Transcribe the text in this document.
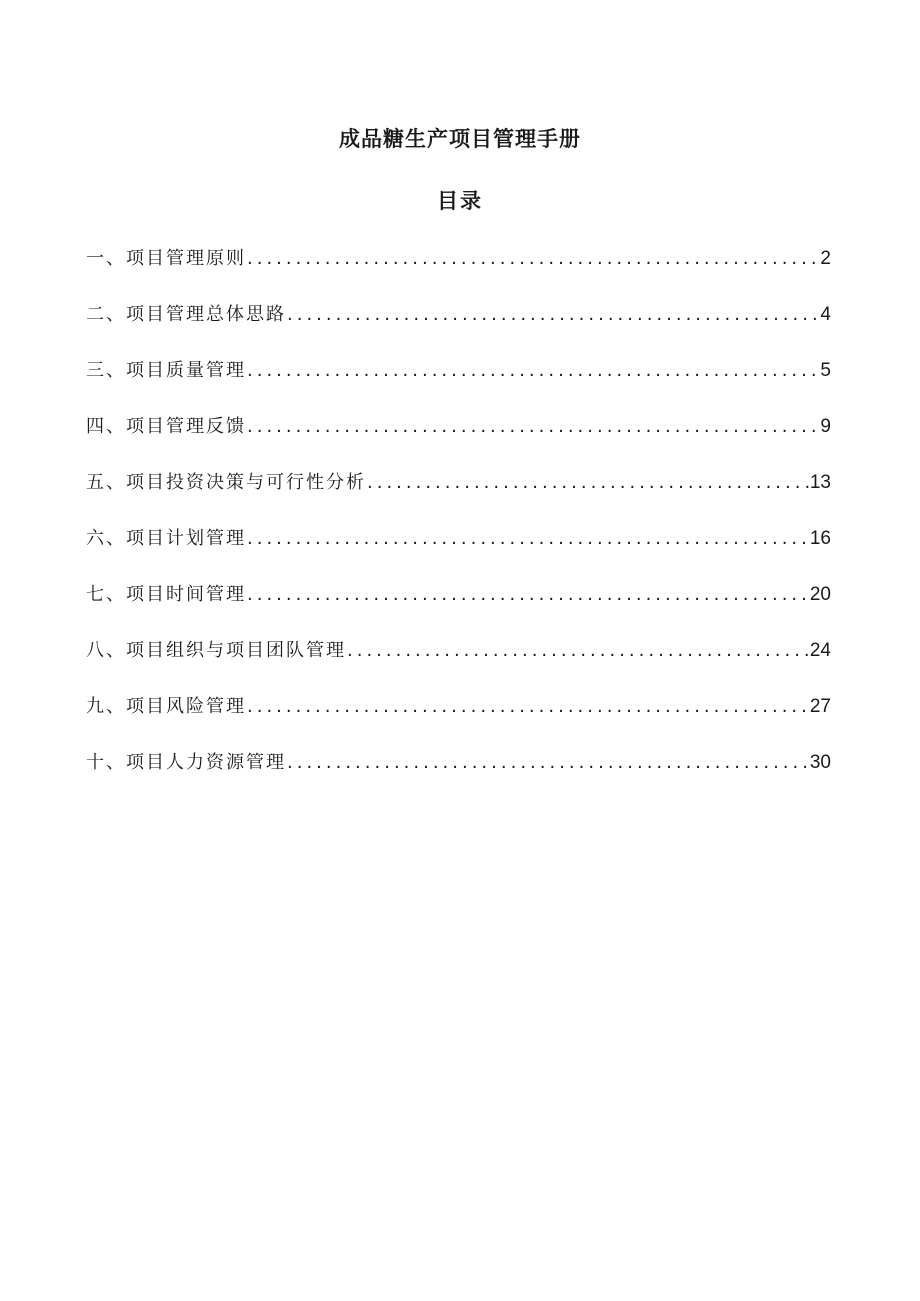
成品糖生产项目管理手册
目录
一、项目管理原则 .....	2
二、项目管理总体思路 .....	4
三、项目质量管理 .....	5
四、项目管理反馈 .....	9
五、项目投资决策与可行性分析 .....	13
六、项目计划管理 .....	16
七、项目时间管理 .....	20
八、项目组织与项目团队管理 .....	24
九、项目风险管理 .....	27
十、项目人力资源管理 .....	30
